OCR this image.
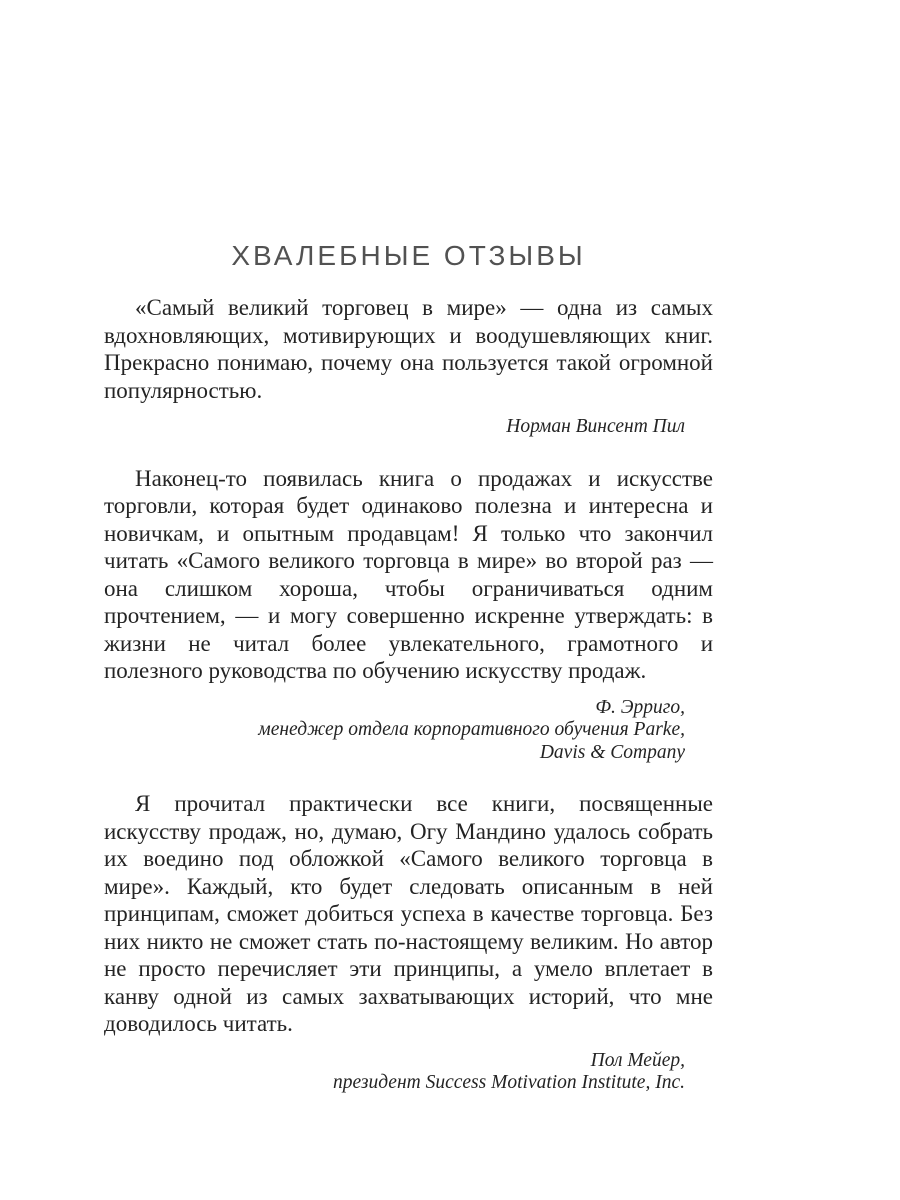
ХВАЛЕБНЫЕ ОТЗЫВЫ

«Самый великий торговец в мире» — одна из самых вдохновляющих, мотивирующих и воодушевляющих книг. Прекрасно понимаю, почему она пользуется такой огромной популярностью.

Норман Винсент Пил

Наконец-то появилась книга о продажах и искусстве торговли, которая будет одинаково полезна и интересна и новичкам, и опытным продавцам! Я только что закончил читать «Самого великого торговца в мире» во второй раз — она слишком хороша, чтобы ограничиваться одним прочтением, — и могу совершенно искренне утверждать: в жизни не читал более увлекательного, грамотного и полезного руководства по обучению искусству продаж.

Ф. Эрриго,
менеджер отдела корпоративного обучения Parke,
Davis & Company

Я прочитал практически все книги, посвященные искусству продаж, но, думаю, Огу Мандино удалось собрать их воедино под обложкой «Самого великого торговца в мире». Каждый, кто будет следовать описанным в ней принципам, сможет добиться успеха в качестве торговца. Без них никто не сможет стать по-настоящему великим. Но автор не просто перечисляет эти принципы, а умело вплетает в канву одной из самых захватывающих историй, что мне доводилось читать.

Пол Мейер,
президент Success Motivation Institute, Inc.
